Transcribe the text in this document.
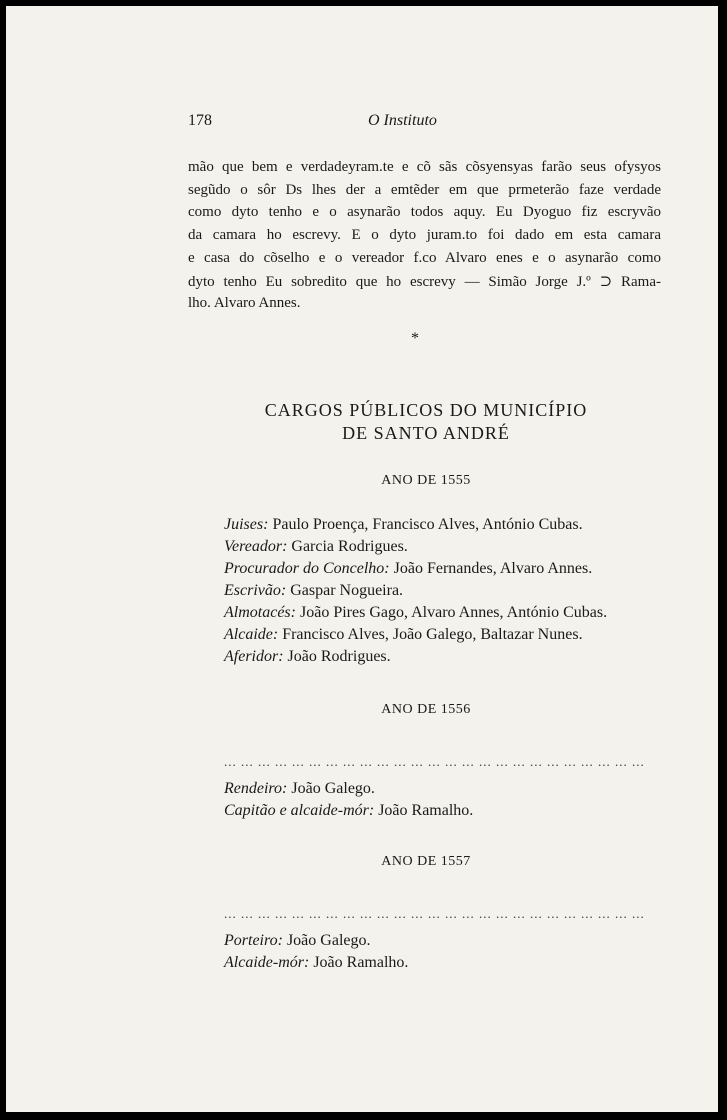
178	O Instituto
mão que bem e verdadeyram.te e cõ sãs cõsyensyas farão seus ofysyos
segũdo o sôr Ds lhes der a emtẽder em que prmeterão faze verdade
como dyto tenho e o asynarão todos aquy. Eu Dyoguo fiz escryvão
da camara ho escrevy. E o dyto juram.to foi dado em esta camara
e casa do cõselho e o vereador f.co Alvaro enes e o asynarão como
dyto tenho Eu sobredito que ho escrevy — Simão Jorge J.º ⊃ Rama-
lho. Alvaro Annes.
*
CARGOS PÚBLICOS DO MUNICÍPIO
DE SANTO ANDRÉ
ANO DE 1555
Juises: Paulo Proença, Francisco Alves, António Cubas.
Vereador: Garcia Rodrigues.
Procurador do Concelho: João Fernandes, Alvaro Annes.
Escrivão: Gaspar Nogueira.
Almotacés: João Pires Gago, Alvaro Annes, António Cubas.
Alcaide: Francisco Alves, João Galego, Baltazar Nunes.
Aferidor: João Rodrigues.
ANO DE 1556
... ... ... ... ... ... ... ... ... ... ... ... ... ... ... ... ... ... ... ... ... ... ... ... ...
Rendeiro: João Galego.
Capitão e alcaide-mór: João Ramalho.
ANO DE 1557
... ... ... ... ... ... ... ... ... ... ... ... ... ... ... ... ... ... ... ... ... ... ... ... ...
Porteiro: João Galego.
Alcaide-mór: João Ramalho.
